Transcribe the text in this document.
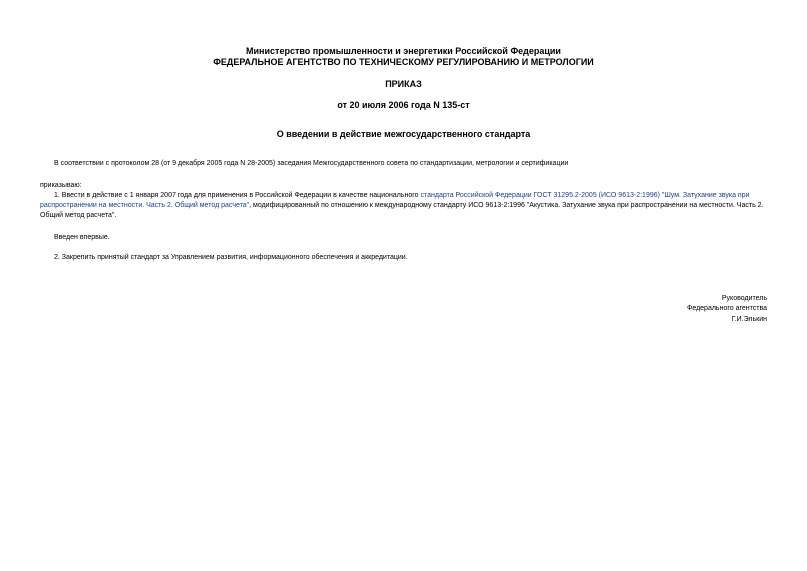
Министерство промышленности и энергетики Российской Федерации
ФЕДЕРАЛЬНОЕ АГЕНТСТВО ПО ТЕХНИЧЕСКОМУ РЕГУЛИРОВАНИЮ И МЕТРОЛОГИИ
ПРИКАЗ
от 20 июля 2006 года N 135-ст
О введении в действие межгосударственного стандарта
В соответствии с протоколом 28 (от 9 декабря 2005 года N 28-2005) заседания Межгосударственного совета по стандартизации, метрологии и сертификации
приказываю:
1. Ввести в действие с 1 января 2007 года для применения в Российской Федерации в качестве национального стандарта Российской Федерации ГОСТ 31295.2-2005 (ИСО 9613-2:1996) "Шум. Затухание звука при распространении на местности. Часть 2. Общий метод расчета", модифицированный по отношению к международному стандарту ИСО 9613-2:1996 "Акустика. Затухание звука при распространении на местности. Часть 2. Общий метод расчета".
Введен впервые.
2. Закрепить принятый стандарт за Управлением развития, информационного обеспечения и аккредитации.
Руководитель
Федерального агентства
Г.И.Элькин
